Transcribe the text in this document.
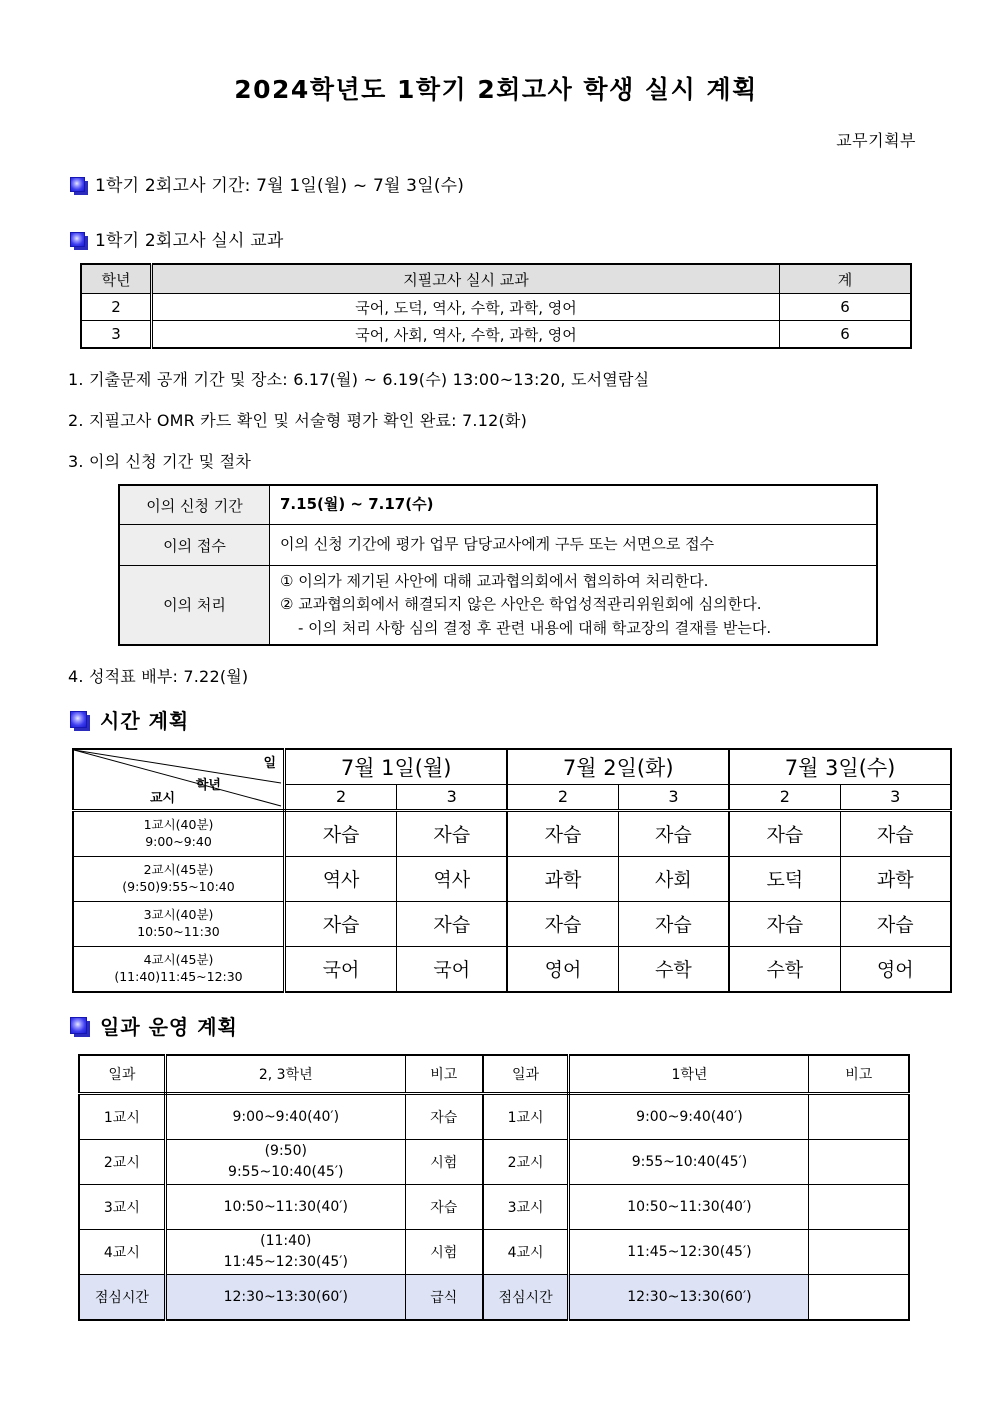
2024학년도 1학기 2회고사 학생 실시 계획
교무기획부
1학기 2회고사 기간: 7월 1일(월) ~ 7월 3일(수)
1학기 2회고사 실시 교과
학년	지필고사 실시 교과	계
2	국어, 도덕, 역사, 수학, 과학, 영어	6
3	국어, 사회, 역사, 수학, 과학, 영어	6
1. 기출문제 공개 기간 및 장소: 6.17(월) ~ 6.19(수) 13:00~13:20, 도서열람실
2. 지필고사 OMR 카드 확인 및 서술형 평가 확인 완료: 7.12(화)
3. 이의 신청 기간 및 절차
이의 신청 기간	7.15(월) ~ 7.17(수)
이의 접수	이의 신청 기간에 평가 업무 담당교사에게 구두 또는 서면으로 접수
이의 처리	① 이의가 제기된 사안에 대해 교과협의회에서 협의하여 처리한다.
② 교과협의회에서 해결되지 않은 사안은 학업성적관리위원회에 심의한다.

- 이의 처리 사항 심의 결정 후 관련 내용에 대해 학교장의 결재를 받는다.
4. 성적표 배부: 7.22(월)
시간 계획
일
학년
교시	7월 1일(월)		7월 2일(화)		7월 3일(수)	
	2	3	2	3	2	3
1교시(40분)
9:00~9:40	자습	자습	자습	자습	자습	자습
2교시(45분)
(9:50)9:55~10:40	역사	역사	과학	사회	도덕	과학
3교시(40분)
10:50~11:30	자습	자습	자습	자습	자습	자습
4교시(45분)
(11:40)11:45~12:30	국어	국어	영어	수학	수학	영어
일과 운영 계획
일과	2, 3학년	비고	일과	1학년	비고
1교시	9:00~9:40(40′)	자습	1교시	9:00~9:40(40′)	
2교시	(9:50)
9:55~10:40(45′)	시험	2교시	9:55~10:40(45′)	
3교시	10:50~11:30(40′)	자습	3교시	10:50~11:30(40′)	
4교시	(11:40)
11:45~12:30(45′)	시험	4교시	11:45~12:30(45′)	
점심시간	12:30~13:30(60′)	급식	점심시간	12:30~13:30(60′)	
